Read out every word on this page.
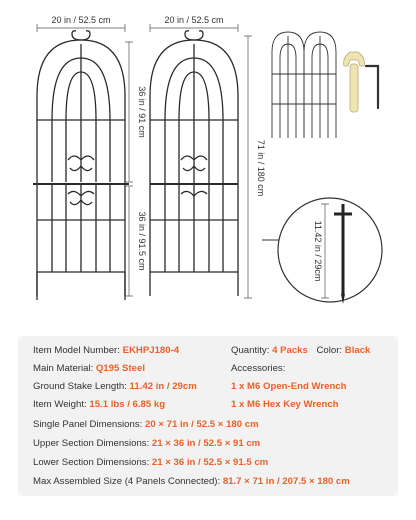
20 in / 52.5 cm	20 in / 52.5 cm
36 in / 91 cm
36 in / 91.5 cm
71 in / 180 cm
11.42 in / 29cm
Item Model Number: EKHPJ180-4	Quantity: 4 Packs Color: Black
Main Material: Q195 Steel	Accessories:
Ground Stake Length: 11.42 in / 29cm	1 x M6 Open-End Wrench
Item Weight: 15.1 lbs / 6.85 kg	1 x M6 Hex Key Wrench
Single Panel Dimensions: 20 × 71 in / 52.5 × 180 cm
Upper Section Dimensions: 21 × 36 in / 52.5 × 91 cm
Lower Section Dimensions: 21 × 36 in / 52.5 × 91.5 cm
Max Assembled Size (4 Panels Connected): 81.7 × 71 in / 207.5 × 180 cm
